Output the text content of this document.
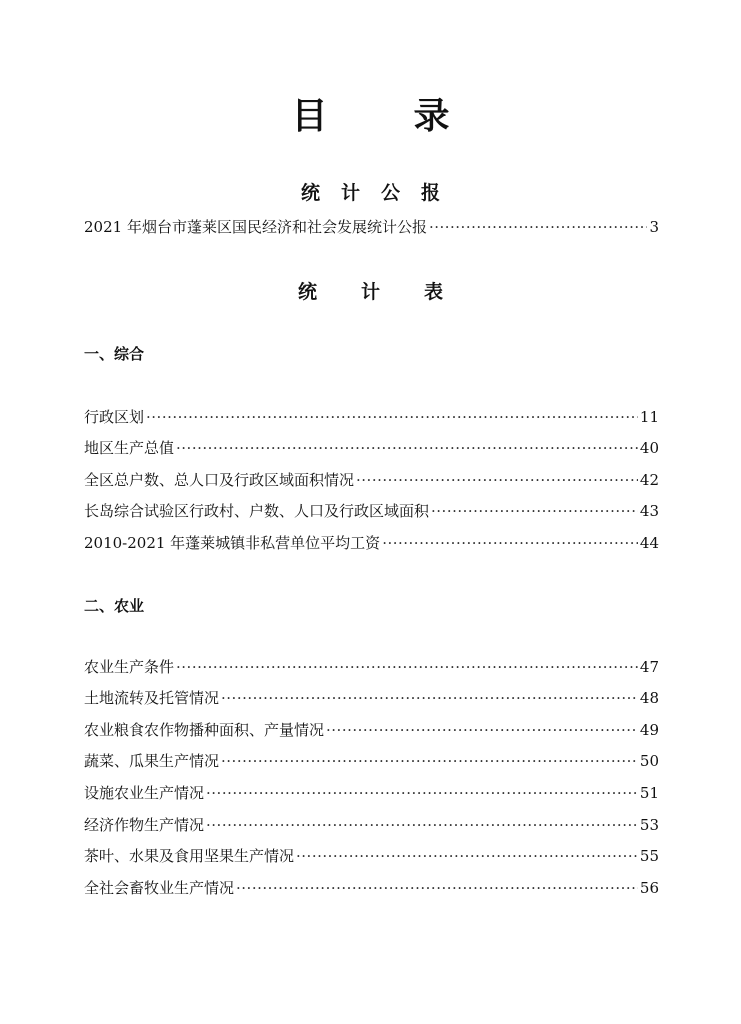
目录
统计公报
2021 年烟台市蓬莱区国民经济和社会发展统计公报 ·····	3
统计表
一、综合
行政区划 ·····	11
地区生产总值 ·····	40
全区总户数、总人口及行政区域面积情况 ·····	42
长岛综合试验区行政村、户数、人口及行政区域面积 ·····	43
2010-2021 年蓬莱城镇非私营单位平均工资 ·····	44
二、农业
农业生产条件 ·····	47
土地流转及托管情况 ·····	48
农业粮食农作物播种面积、产量情况 ·····	49
蔬菜、瓜果生产情况 ·····	50
设施农业生产情况 ·····	51
经济作物生产情况 ·····	53
茶叶、水果及食用坚果生产情况 ·····	55
全社会畜牧业生产情况 ·····	56
